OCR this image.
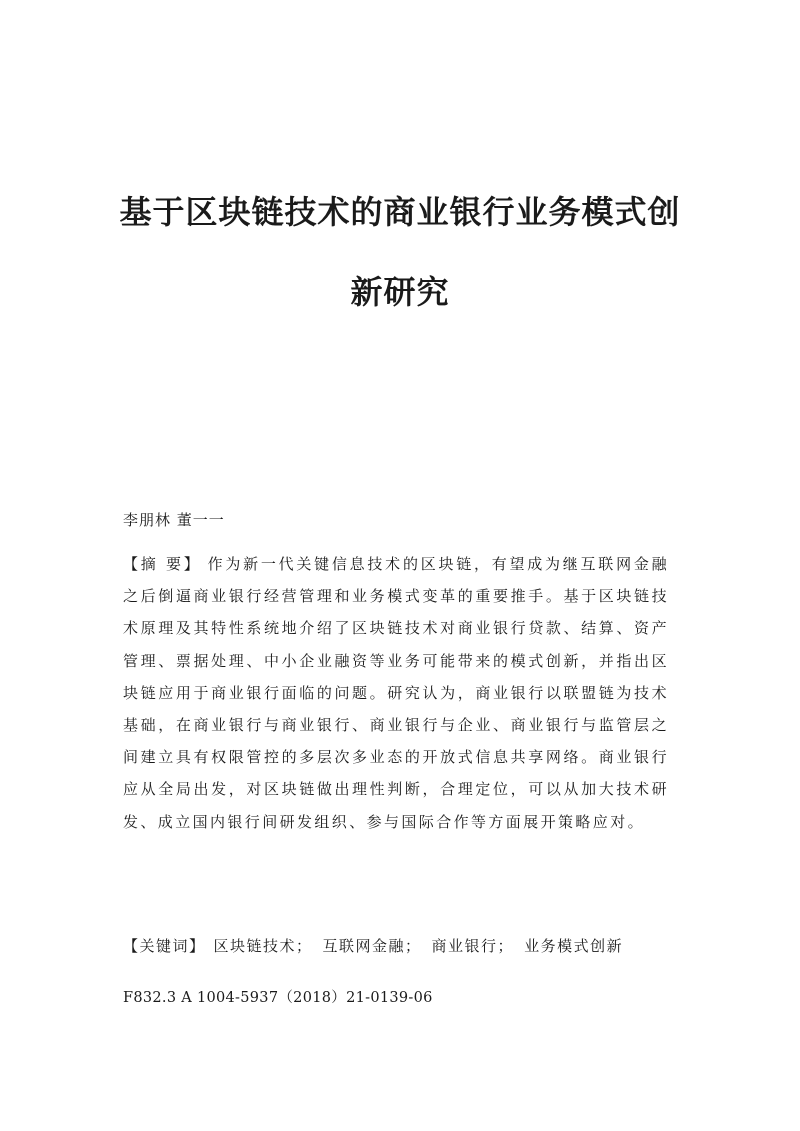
基于区块链技术的商业银行业务模式创
新研究

李朋林 董一一

【摘 要】 作为新一代关键信息技术的区块链，有望成为继互联网金融之后倒逼商业银行经营管理和业务模式变革的重要推手。基于区块链技术原理及其特性系统地介绍了区块链技术对商业银行贷款、结算、资产管理、票据处理、中小企业融资等业务可能带来的模式创新，并指出区块链应用于商业银行面临的问题。研究认为，商业银行以联盟链为技术基础，在商业银行与商业银行、商业银行与企业、商业银行与监管层之间建立具有权限管控的多层次多业态的开放式信息共享网络。商业银行应从全局出发，对区块链做出理性判断，合理定位，可以从加大技术研发、成立国内银行间研发组织、参与国际合作等方面展开策略应对。

【关键词】 区块链技术； 互联网金融； 商业银行； 业务模式创新

F832.3 A 1004-5937（2018）21-0139-06
